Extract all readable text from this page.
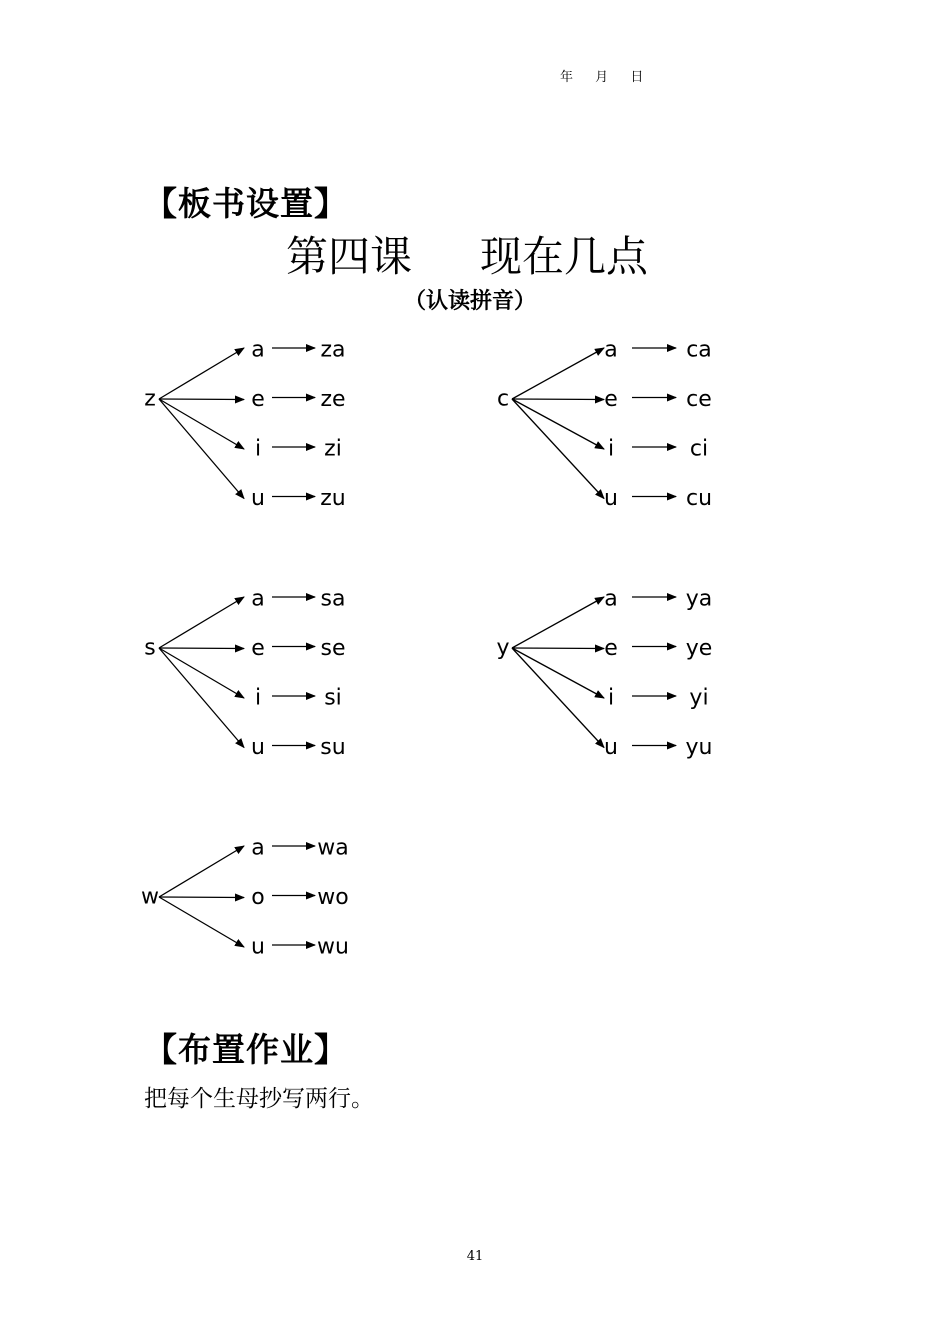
年 月 日
【板书设置】
第四课 现在几点
（认读拼音）
z
a	za
e	ze
i	zi
u	zu
c
a	ca
e	ce
i	ci
u	cu
s
a	sa
e	se
i	si
u	su
y
a	ya
e	ye
i	yi
u	yu
w
a wa
o wo
u wu
【布置作业】
把每个生母抄写两行。
41
